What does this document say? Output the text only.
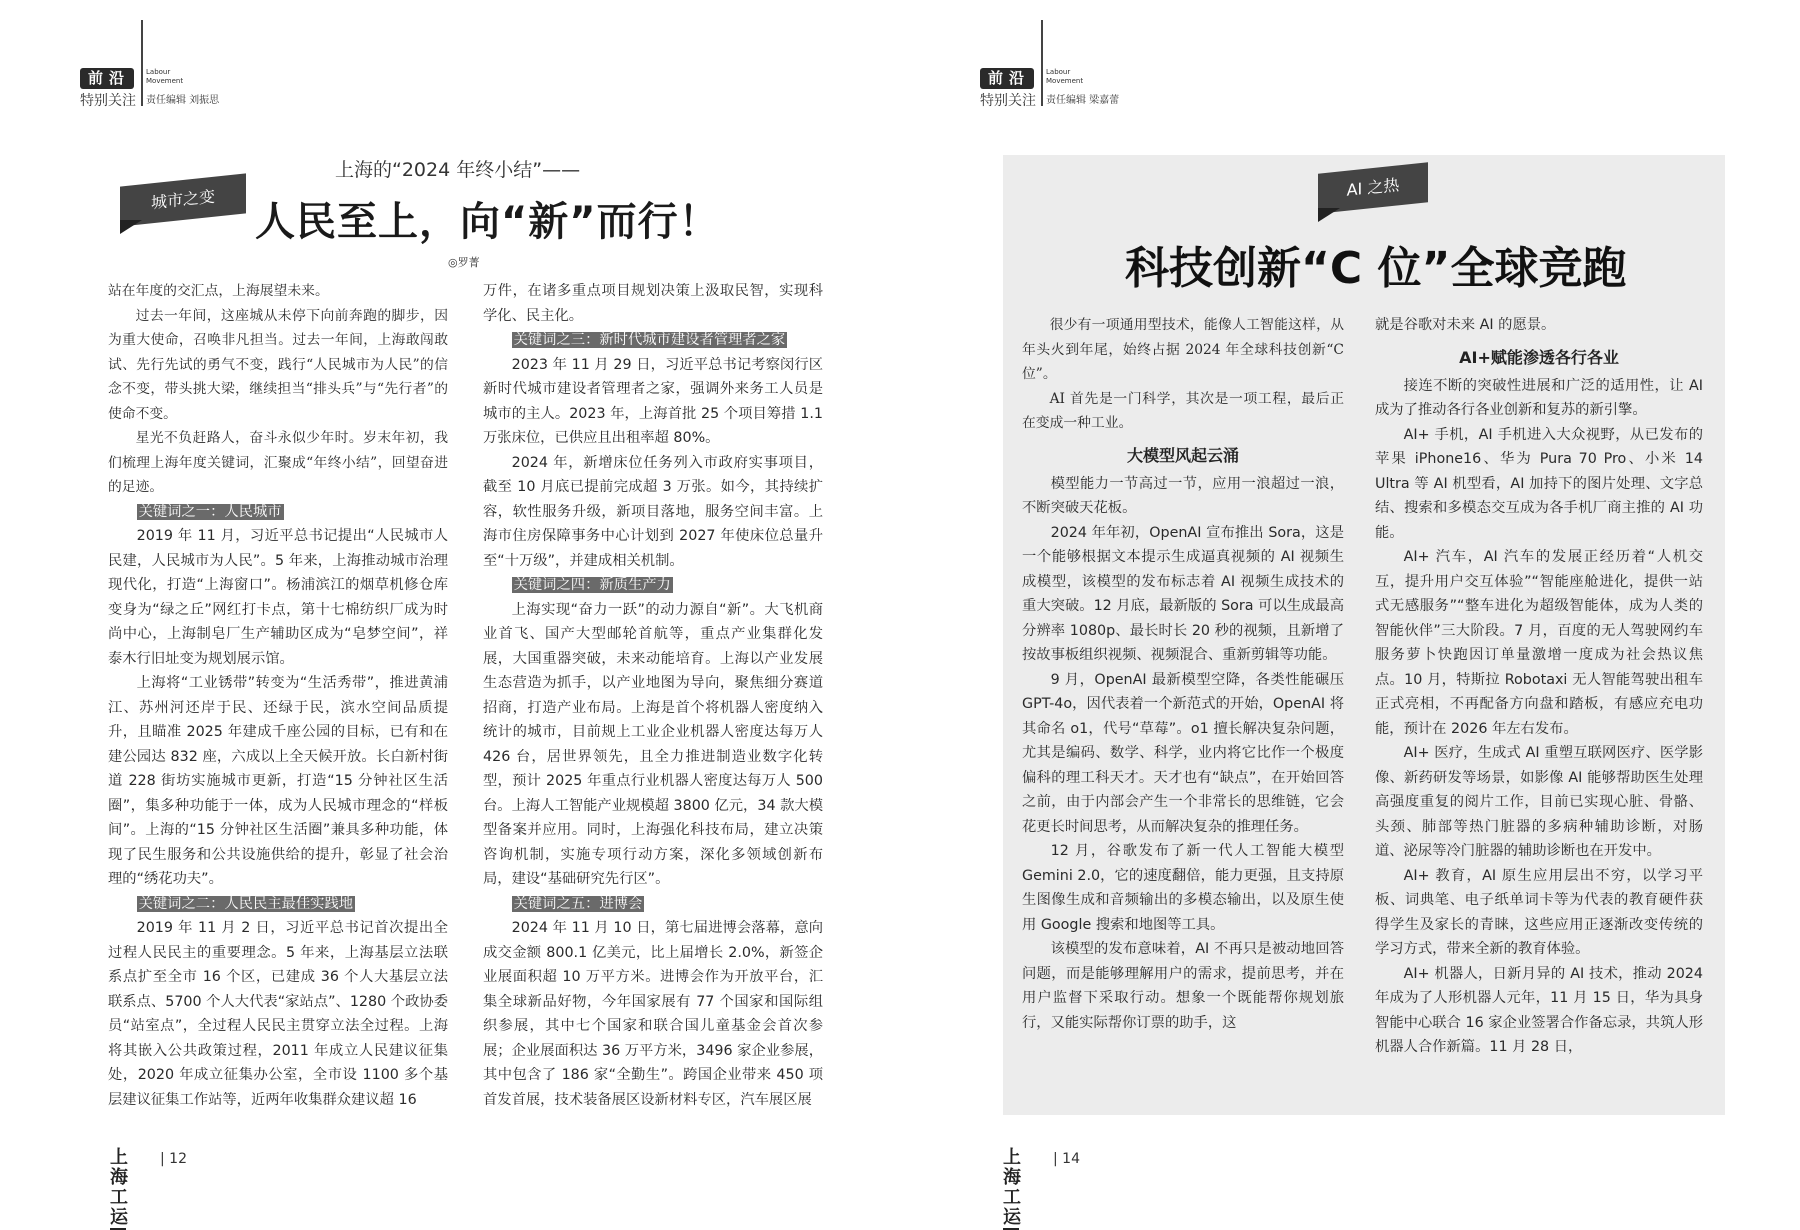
前沿
特别关注
Labour Movement
责任编辑 刘振思
城市之变
上海的“2024 年终小结”——
人民至上，向“新”而行！
◎罗菁

站在年度的交汇点，上海展望未来。

过去一年间，这座城从未停下向前奔跑的脚步，因为重大使命，召唤非凡担当。过去一年间，上海敢闯敢试、先行先试的勇气不变，践行“人民城市为人民”的信念不变，带头挑大梁，继续担当“排头兵”与“先行者”的使命不变。

星光不负赶路人，奋斗永似少年时。岁末年初，我们梳理上海年度关键词，汇聚成“年终小结”，回望奋进的足迹。

关键词之一：人民城市

2019 年 11 月，习近平总书记提出“人民城市人民建，人民城市为人民”。5 年来，上海推动城市治理现代化，打造“上海窗口”。杨浦滨江的烟草机修仓库变身为“绿之丘”网红打卡点，第十七棉纺织厂成为时尚中心，上海制皂厂生产辅助区成为“皂梦空间”，祥泰木行旧址变为规划展示馆。

上海将“工业锈带”转变为“生活秀带”，推进黄浦江、苏州河还岸于民、还绿于民，滨水空间品质提升，且瞄准 2025 年建成千座公园的目标，已有和在建公园达 832 座，六成以上全天候开放。长白新村街道 228 街坊实施城市更新，打造“15 分钟社区生活圈”，集多种功能于一体，成为人民城市理念的“样板间”。上海的“15 分钟社区生活圈”兼具多种功能，体现了民生服务和公共设施供给的提升，彰显了社会治理的“绣花功夫”。

关键词之二：人民民主最佳实践地

2019 年 11 月 2 日，习近平总书记首次提出全过程人民民主的重要理念。5 年来，上海基层立法联系点扩至全市 16 个区，已建成 36 个人大基层立法联系点、5700 个人大代表“家站点”、1280 个政协委员“站室点”，全过程人民民主贯穿立法全过程。上海将其嵌入公共政策过程，2011 年成立人民建议征集处，2020 年成立征集办公室，全市设 1100 多个基层建议征集工作站等，近两年收集群众建议超 16

万件，在诸多重点项目规划决策上汲取民智，实现科学化、民主化。

关键词之三：新时代城市建设者管理者之家

2023 年 11 月 29 日，习近平总书记考察闵行区新时代城市建设者管理者之家，强调外来务工人员是城市的主人。2023 年，上海首批 25 个项目筹措 1.1 万张床位，已供应且出租率超 80%。

2024 年，新增床位任务列入市政府实事项目，截至 10 月底已提前完成超 3 万张。如今，其持续扩容，软性服务升级，新项目落地，服务空间丰富。上海市住房保障事务中心计划到 2027 年使床位总量升至“十万级”，并建成相关机制。

关键词之四：新质生产力

上海实现“奋力一跃”的动力源自“新”。大飞机商业首飞、国产大型邮轮首航等，重点产业集群化发展，大国重器突破，未来动能培育。上海以产业发展生态营造为抓手，以产业地图为导向，聚焦细分赛道招商，打造产业布局。上海是首个将机器人密度纳入统计的城市，目前规上工业企业机器人密度达每万人 426 台，居世界领先，且全力推进制造业数字化转型，预计 2025 年重点行业机器人密度达每万人 500 台。上海人工智能产业规模超 3800 亿元，34 款大模型备案并应用。同时，上海强化科技布局，建立决策咨询机制，实施专项行动方案，深化多领域创新布局，建设“基础研究先行区”。

关键词之五：进博会

2024 年 11 月 10 日，第七届进博会落幕，意向成交金额 800.1 亿美元，比上届增长 2.0%，新签企业展面积超 10 万平方米。进博会作为开放平台，汇集全球新品好物，今年国家展有 77 个国家和国际组织参展，其中七个国家和联合国儿童基金会首次参展；企业展面积达 36 万平方米，3496 家企业参展，其中包含了 186 家“全勤生”。跨国企业带来 450 项首发首展，技术装备展区设新材料专区，汽车展区展

上海工运
| 12
前沿
特别关注
Labour Movement
责任编辑 梁嘉蕾
AI 之热
科技创新“C 位”全球竞跑

很少有一项通用型技术，能像人工智能这样，从年头火到年尾，始终占据 2024 年全球科技创新“C 位”。

AI 首先是一门科学，其次是一项工程，最后正在变成一种工业。

大模型风起云涌

模型能力一节高过一节，应用一浪超过一浪，不断突破天花板。

2024 年年初，OpenAI 宣布推出 Sora，这是一个能够根据文本提示生成逼真视频的 AI 视频生成模型，该模型的发布标志着 AI 视频生成技术的重大突破。12 月底，最新版的 Sora 可以生成最高分辨率 1080p、最长时长 20 秒的视频，且新增了按故事板组织视频、视频混合、重新剪辑等功能。

9 月，OpenAI 最新模型空降，各类性能碾压 GPT-4o，因代表着一个新范式的开始，OpenAI 将其命名 o1，代号“草莓”。o1 擅长解决复杂问题，尤其是编码、数学、科学，业内将它比作一个极度偏科的理工科天才。天才也有“缺点”，在开始回答之前，由于内部会产生一个非常长的思维链，它会花更长时间思考，从而解决复杂的推理任务。

12 月，谷歌发布了新一代人工智能大模型 Gemini 2.0，它的速度翻倍，能力更强，且支持原生图像生成和音频输出的多模态输出，以及原生使用 Google 搜索和地图等工具。

该模型的发布意味着，AI 不再只是被动地回答问题，而是能够理解用户的需求，提前思考，并在用户监督下采取行动。想象一个既能帮你规划旅行，又能实际帮你订票的助手，这

就是谷歌对未来 AI 的愿景。

AI+赋能渗透各行各业

接连不断的突破性进展和广泛的适用性，让 AI 成为了推动各行各业创新和复苏的新引擎。

AI+ 手机，AI 手机进入大众视野，从已发布的苹果 iPhone16、华为 Pura 70 Pro、小米 14 Ultra 等 AI 机型看，AI 加持下的图片处理、文字总结、搜索和多模态交互成为各手机厂商主推的 AI 功能。

AI+ 汽车，AI 汽车的发展正经历着“人机交互，提升用户交互体验”“智能座舱进化，提供一站式无感服务”“整车进化为超级智能体，成为人类的智能伙伴”三大阶段。7 月，百度的无人驾驶网约车服务萝卜快跑因订单量激增一度成为社会热议焦点。10 月，特斯拉 Robotaxi 无人智能驾驶出租车正式亮相，不再配备方向盘和踏板，有感应充电功能，预计在 2026 年左右发布。

AI+ 医疗，生成式 AI 重塑互联网医疗、医学影像、新药研发等场景，如影像 AI 能够帮助医生处理高强度重复的阅片工作，目前已实现心脏、骨骼、头颈、肺部等热门脏器的多病种辅助诊断，对肠道、泌尿等冷门脏器的辅助诊断也在开发中。

AI+ 教育，AI 原生应用层出不穷，以学习平板、词典笔、电子纸单词卡等为代表的教育硬件获得学生及家长的青睐，这些应用正逐渐改变传统的学习方式，带来全新的教育体验。

AI+ 机器人，日新月异的 AI 技术，推动 2024 年成为了人形机器人元年，11 月 15 日，华为具身智能中心联合 16 家企业签署合作备忘录，共筑人形机器人合作新篇。11 月 28 日，

上海工运
| 14
